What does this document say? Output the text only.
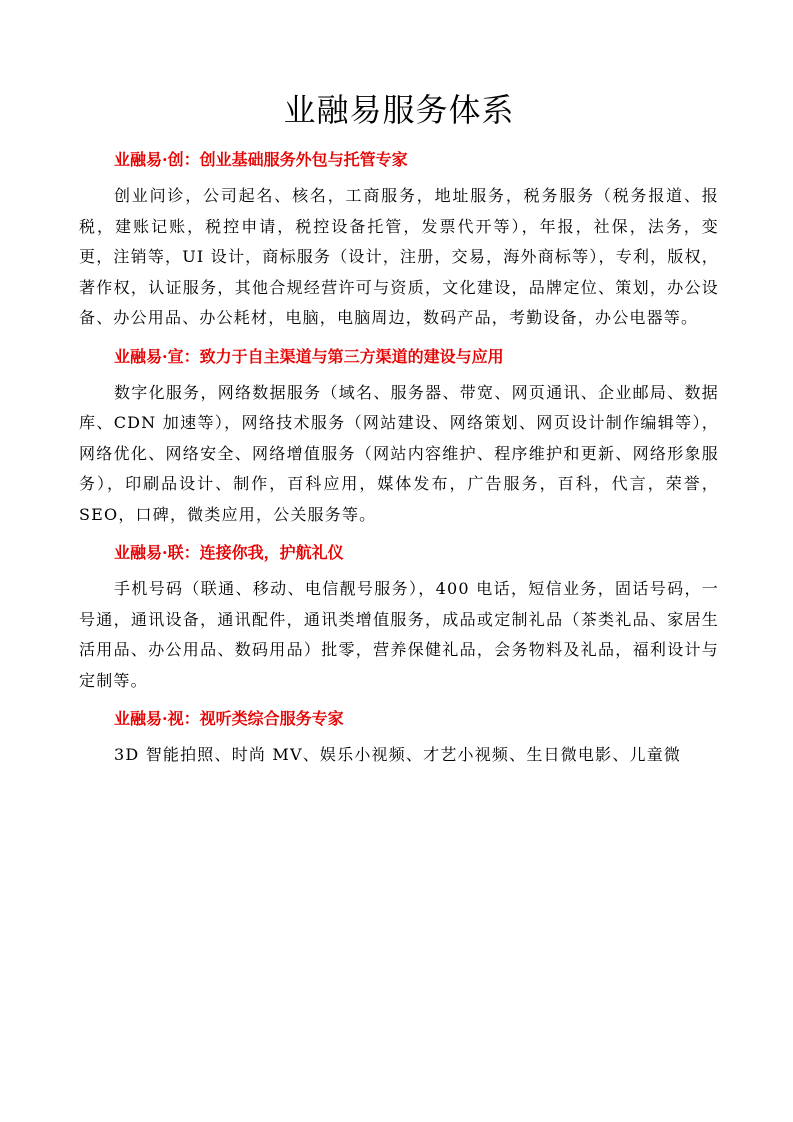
业融易服务体系

业融易·创：创业基础服务外包与托管专家

创业问诊，公司起名、核名，工商服务，地址服务，税务服务（税务报道、报税，建账记账，税控申请，税控设备托管，发票代开等），年报，社保，法务，变更，注销等，UI 设计，商标服务（设计，注册，交易，海外商标等），专利，版权，著作权，认证服务，其他合规经营许可与资质，文化建设，品牌定位、策划，办公设备、办公用品、办公耗材，电脑，电脑周边，数码产品，考勤设备，办公电器等。

业融易·宣：致力于自主渠道与第三方渠道的建设与应用

数字化服务，网络数据服务（域名、服务器、带宽、网页通讯、企业邮局、数据库、CDN 加速等），网络技术服务（网站建设、网络策划、网页设计制作编辑等），网络优化、网络安全、网络增值服务（网站内容维护、程序维护和更新、网络形象服务），印刷品设计、制作，百科应用，媒体发布，广告服务，百科，代言，荣誉，SEO，口碑，微类应用，公关服务等。

业融易·联：连接你我，护航礼仪

手机号码（联通、移动、电信靓号服务），400 电话，短信业务，固话号码，一号通，通讯设备，通讯配件，通讯类增值服务，成品或定制礼品（茶类礼品、家居生活用品、办公用品、数码用品）批零，营养保健礼品，会务物料及礼品，福利设计与定制等。

业融易·视：视听类综合服务专家

3D 智能拍照、时尚 MV、娱乐小视频、才艺小视频、生日微电影、儿童微
